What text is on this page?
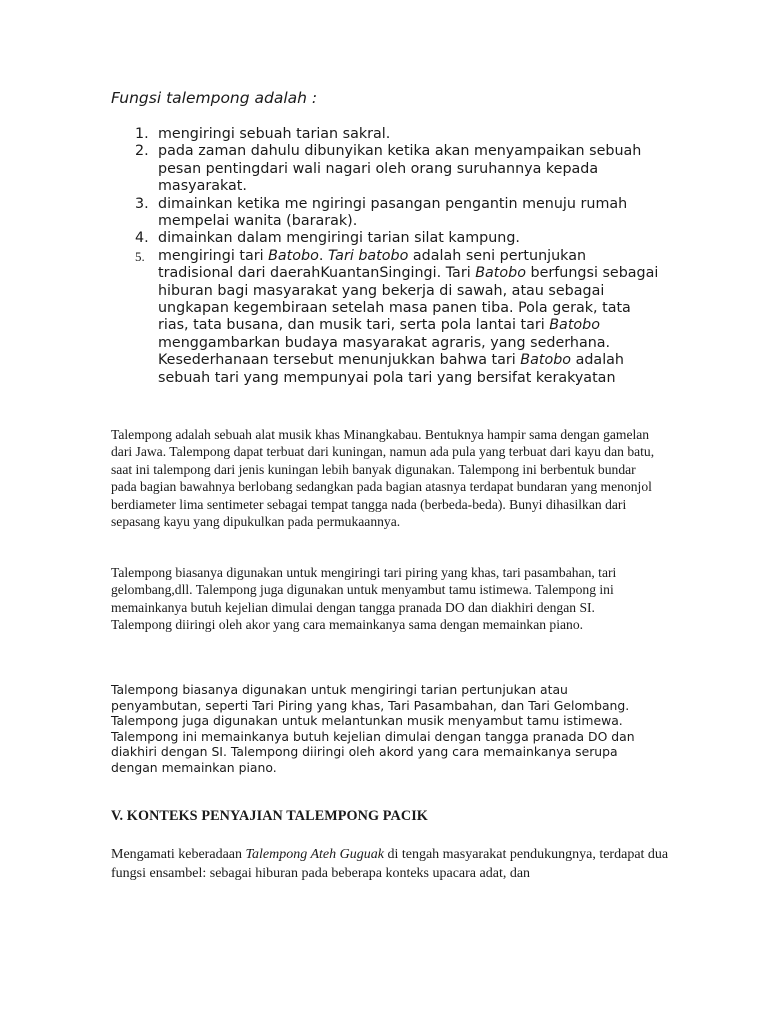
Fungsi talempong adalah :
1. mengiringi sebuah tarian sakral.
2. pada zaman dahulu dibunyikan ketika akan menyampaikan sebuah pesan pentingdari wali nagari oleh orang suruhannya kepada masyarakat.
3. dimainkan ketika me ngiringi pasangan pengantin menuju rumah mempelai wanita (bararak).
4. dimainkan dalam mengiringi tarian silat kampung.
5. mengiringi tari Batobo. Tari batobo adalah seni pertunjukan tradisional dari daerahKuantanSingingi. Tari Batobo berfungsi sebagai hiburan bagi masyarakat yang bekerja di sawah, atau sebagai ungkapan kegembiraan setelah masa panen tiba. Pola gerak, tata rias, tata busana, dan musik tari, serta pola lantai tari Batobo menggambarkan budaya masyarakat agraris, yang sederhana. Kesederhanaan tersebut menunjukkan bahwa tari Batobo adalah sebuah tari yang mempunyai pola tari yang bersifat kerakyatan

Talempong adalah sebuah alat musik khas Minangkabau. Bentuknya hampir sama dengan gamelan dari Jawa. Talempong dapat terbuat dari kuningan, namun ada pula yang terbuat dari kayu dan batu, saat ini talempong dari jenis kuningan lebih banyak digunakan. Talempong ini berbentuk bundar pada bagian bawahnya berlobang sedangkan pada bagian atasnya terdapat bundaran yang menonjol berdiameter lima sentimeter sebagai tempat tangga nada (berbeda-beda). Bunyi dihasilkan dari sepasang kayu yang dipukulkan pada permukaannya.

Talempong biasanya digunakan untuk mengiringi tari piring yang khas, tari pasambahan, tari gelombang,dll. Talempong juga digunakan untuk menyambut tamu istimewa. Talempong ini memainkanya butuh kejelian dimulai dengan tangga pranada DO dan diakhiri dengan SI. Talempong diiringi oleh akor yang cara memainkanya sama dengan memainkan piano.

Talempong biasanya digunakan untuk mengiringi tarian pertunjukan atau penyambutan, seperti Tari Piring yang khas, Tari Pasambahan, dan Tari Gelombang. Talempong juga digunakan untuk melantunkan musik menyambut tamu istimewa. Talempong ini memainkanya butuh kejelian dimulai dengan tangga pranada DO dan diakhiri dengan SI. Talempong diiringi oleh akord yang cara memainkanya serupa dengan memainkan piano.

V. KONTEKS PENYAJIAN TALEMPONG PACIK

Mengamati keberadaan Talempong Ateh Guguak di tengah masyarakat pendukungnya, terdapat dua fungsi ensambel: sebagai hiburan pada beberapa konteks upacara adat, dan
